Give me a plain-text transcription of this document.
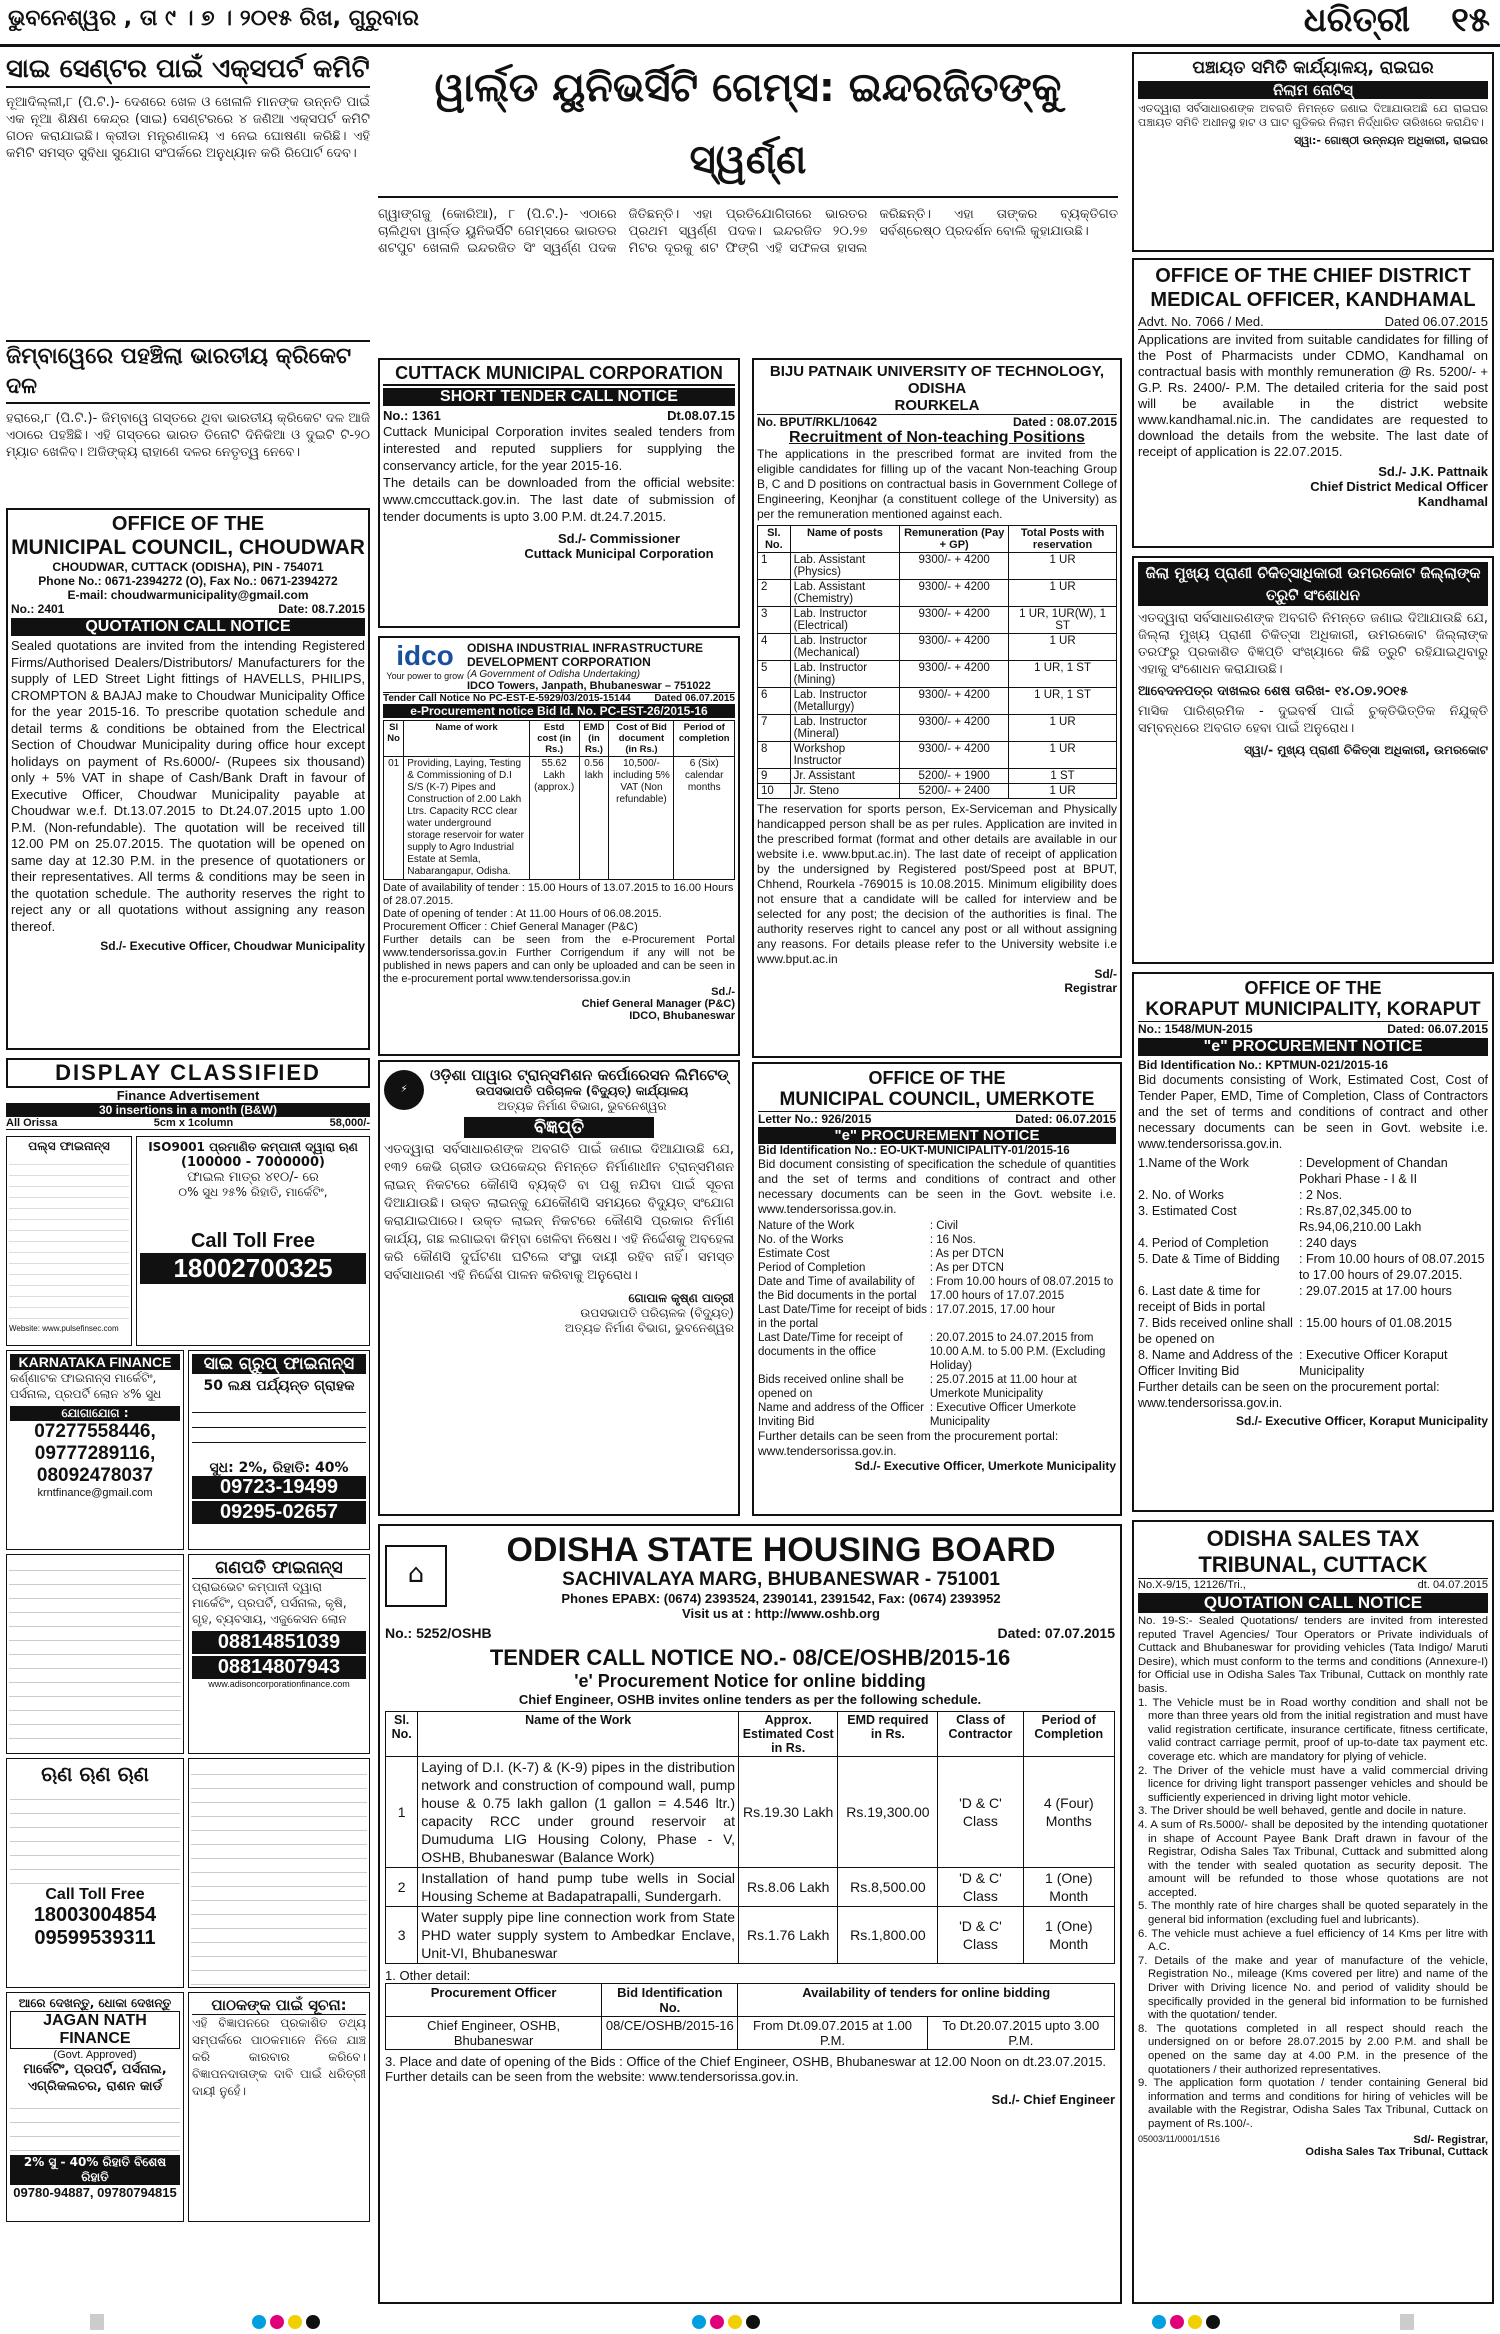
ଭୁବନେଶ୍ୱର , ତା ୯ । ୭ । ୨୦୧୫ ରିଖ, ଗୁରୁବାର	ଧରିତ୍ରୀ ୧୫
ସାଇ ସେଣ୍ଟର ପାଇଁ ଏକ୍ସପର୍ଟ କମିଟି
ନୂଆଦିଲ୍ଲୀ,୮ (ପି.ଟି.)- ଦେଶରେ ଖେଳ ଓ ଖେଳାଳି ମାନଙ୍କ ଉନ୍ନତି ପାଇଁ ଏକ ନୂଆ ଶିକ୍ଷଣ କେନ୍ଦ୍ର (ସାଇ) ସେଣ୍ଟରରେ ୪ ଜଣିଆ ଏକ୍ସପର୍ଟ କମିଟି ଗଠନ କରାଯାଇଛି। କ୍ରୀଡା ମନ୍ତ୍ରଣାଳୟ ଏ ନେଇ ଘୋଷଣା କରିଛି। ଏହି କମିଟି ସମସ୍ତ ସୁବିଧା ସୁଯୋଗ ସଂପର୍କରେ ଅନୁଧ୍ୟାନ କରି ରିପୋର୍ଟ ଦେବ।
ଜିମ୍ବାୱେରେ ପହଞ୍ଚିଲା ଭାରତୀୟ କ୍ରିକେଟ ଦଳ
ହରାରେ,୮ (ପି.ଟି.)- ଜିମ୍ବାୱେ ଗସ୍ତରେ ଥିବା ଭାରତୀୟ କ୍ରିକେଟ ଦଳ ଆଜି ଏଠାରେ ପହଞ୍ଚିଛି। ଏହି ଗସ୍ତରେ ଭାରତ ତିନୋଟି ଦିନିକିଆ ଓ ଦୁଇଟି ଟି-୨୦ ମ୍ୟାଚ ଖେଳିବ। ଅଜିଙ୍କ୍ୟ ରାହାଣେ ଦଳର ନେତୃତ୍ୱ ନେବେ।
ୱାର୍ଲ୍ଡ ୟୁନିଭର୍ସିଟି ଗେମ୍ସ: ଇନ୍ଦରଜିତଙ୍କୁ ସ୍ୱର୍ଣ୍ଣ
ଗ୍ୱାଙ୍ଗଜୁ (କୋରିଆ), ୮ (ପି.ଟି.)- ଏଠାରେ ଚାଲିଥିବା ୱାର୍ଲ୍ଡ ୟୁନିଭର୍ସିଟି ଗେମ୍ସରେ ଭାରତର ଶଟପୁଟ ଖେଳାଳି ଇନ୍ଦରଜିତ ସିଂ ସ୍ୱର୍ଣ୍ଣ ପଦକ ଜିତିଛନ୍ତି। ଏହା ପ୍ରତିଯୋଗିତାରେ ଭାରତର ପ୍ରଥମ ସ୍ୱର୍ଣ୍ଣ ପଦକ। ଇନ୍ଦରଜିତ ୨୦.୨୭ ମିଟର ଦୂରକୁ ଶଟ ଫିଙ୍ଗି ଏହି ସଫଳତା ହାସଲ କରିଛନ୍ତି। ଏହା ତାଙ୍କର ବ୍ୟକ୍ତିଗତ ସର୍ବଶ୍ରେଷ୍ଠ ପ୍ରଦର୍ଶନ ବୋଲି କୁହାଯାଉଛି।
ପଞ୍ଚାୟତ ସମିତି କାର୍ଯ୍ୟାଳୟ, ରାଇଘର
ନିଲାମ ନୋଟିସ୍
ଏତଦ୍ୱାରା ସର୍ବସାଧାରଣଙ୍କ ଅବଗତି ନିମନ୍ତେ ଜଣାଇ ଦିଆଯାଉଅଛି ଯେ ରାଇଘର ପଞ୍ଚାୟତ ସମିତି ଅଧୀନସ୍ଥ ହାଟ ଓ ଘାଟ ଗୁଡିକର ନିଲାମ ନିର୍ଦ୍ଧାରିତ ତାରିଖରେ କରାଯିବ।
ସ୍ୱା:- ଗୋଷ୍ଠୀ ଉନ୍ନୟନ ଅଧିକାରୀ, ରାଇଘର
OFFICE OF THE CHIEF DISTRICT MEDICAL OFFICER, KANDHAMAL
Advt. No. 7066 / Med.	Dated 06.07.2015
Applications are invited from suitable candidates for filling of the Post of Pharmacists under CDMO, Kandhamal on contractual basis with monthly remuneration @ Rs. 5200/- + G.P. Rs. 2400/- P.M. The detailed criteria for the said post will be available in the district website www.kandhamal.nic.in. The candidates are requested to download the details from the website. The last date of receipt of application is 22.07.2015.
Sd./- J.K. Pattnaik
Chief District Medical Officer
Kandhamal
OFFICE OF THE
MUNICIPAL COUNCIL, CHOUDWAR
CHOUDWAR, CUTTACK (ODISHA), PIN - 754071
Phone No.: 0671-2394272 (O), Fax No.: 0671-2394272
E-mail: choudwarmunicipality@gmail.com
No.: 2401	Date: 08.7.2015
QUOTATION CALL NOTICE
Sealed quotations are invited from the intending Registered Firms/Authorised Dealers/Distributors/ Manufacturers for the supply of LED Street Light fittings of HAVELLS, PHILIPS, CROMPTON & BAJAJ make to Choudwar Municipality Office for the year 2015-16. To prescribe quotation schedule and detail terms & conditions be obtained from the Electrical Section of Choudwar Municipality during office hour except holidays on payment of Rs.6000/- (Rupees six thousand) only + 5% VAT in shape of Cash/Bank Draft in favour of Executive Officer, Choudwar Municipality payable at Choudwar w.e.f. Dt.13.07.2015 to Dt.24.07.2015 upto 1.00 P.M. (Non-refundable). The quotation will be received till 12.00 PM on 25.07.2015. The quotation will be opened on same day at 12.30 P.M. in the presence of quotationers or their representatives. All terms & conditions may be seen in the quotation schedule. The authority reserves the right to reject any or all quotations without assigning any reason thereof.
Sd./- Executive Officer, Choudwar Municipality
CUTTACK MUNICIPAL CORPORATION
SHORT TENDER CALL NOTICE
No.: 1361	Dt.08.07.15
Cuttack Municipal Corporation invites sealed tenders from interested and reputed suppliers for supplying the conservancy article, for the year 2015-16.
The details can be downloaded from the official website: www.cmccuttack.gov.in. The last date of submission of tender documents is upto 3.00 P.M. dt.24.7.2015.
Sd./- Commissioner
Cuttack Municipal Corporation
BIJU PATNAIK UNIVERSITY OF TECHNOLOGY, ODISHA
ROURKELA
No. BPUT/RKL/10642	Dated : 08.07.2015
Recruitment of Non-teaching Positions
The applications in the prescribed format are invited from the eligible candidates for filling up of the vacant Non-teaching Group B, C and D positions on contractual basis in Government College of Engineering, Keonjhar (a constituent college of the University) as per the remuneration mentioned against each.
Sl. No.	Name of posts	Remuneration (Pay + GP)	Total Posts with reservation
1	Lab. Assistant (Physics)	9300/- + 4200	1 UR
2	Lab. Assistant (Chemistry)	9300/- + 4200	1 UR
3	Lab. Instructor (Electrical)	9300/- + 4200	1 UR, 1UR(W), 1 ST
4	Lab. Instructor (Mechanical)	9300/- + 4200	1 UR
5	Lab. Instructor (Mining)	9300/- + 4200	1 UR, 1 ST
6	Lab. Instructor (Metallurgy)	9300/- + 4200	1 UR, 1 ST
7	Lab. Instructor (Mineral)	9300/- + 4200	1 UR
8	Workshop Instructor	9300/- + 4200	1 UR
9	Jr. Assistant	5200/- + 1900	1 ST
10	Jr. Steno	5200/- + 2400	1 UR
The reservation for sports person, Ex-Serviceman and Physically handicapped person shall be as per rules. Application are invited in the prescribed format (format and other details are available in our website i.e. www.bput.ac.in). The last date of receipt of application by the undersigned by Registered post/Speed post at BPUT, Chhend, Rourkela -769015 is 10.08.2015. Minimum eligibility does not ensure that a candidate will be called for interview and be selected for any post; the decision of the authorities is final. The authority reserves right to cancel any post or all without assigning any reasons. For details please refer to the University website i.e www.bput.ac.in
Sd/-
Registrar
idco
Your power to grow
ODISHA INDUSTRIAL INFRASTRUCTURE DEVELOPMENT CORPORATION
(A Government of Odisha Undertaking)
IDCO Towers, Janpath, Bhubaneswar – 751022
Tender Call Notice No PC-EST-E-5929/03/2015-15144 Dated 06.07.2015
e-Procurement notice Bid Id. No. PC-EST-26/2015-16
Sl No	Name of work	Estd cost (in Rs.)	EMD (in Rs.)	Cost of Bid document (in Rs.)	Period of completion
01	Providing, Laying, Testing & Commissioning of D.I S/S (K-7) Pipes and Construction of 2.00 Lakh Ltrs. Capacity RCC clear water underground storage reservoir for water supply to Agro Industrial Estate at Semla, Nabarangapur, Odisha.	55.62 Lakh (approx.)	0.56 lakh	10,500/- including 5% VAT (Non refundable)	6 (Six) calendar months
Date of availability of tender : 15.00 Hours of 13.07.2015 to 16.00 Hours of 28.07.2015.
Date of opening of tender : At 11.00 Hours of 06.08.2015.
Procurement Officer : Chief General Manager (P&C)
Further details can be seen from the e-Procurement Portal www.tendersorissa.gov.in Further Corrigendum if any will not be published in news papers and can only be uploaded and can be seen in the e-procurement portal www.tendersorissa.gov.in
Sd./-
Chief General Manager (P&C)
IDCO, Bhubaneswar
ଜିଲା ମୁଖ୍ୟ ପ୍ରାଣୀ ଚିକିତ୍ସାଧିକାରୀ ଉମରକୋଟ ଜିଲ୍ଲାଙ୍କ ତ୍ରୁଟି ସଂଶୋଧନ
ଏତଦ୍ୱାରା ସର୍ବସାଧାରଣଙ୍କ ଅବଗତି ନିମନ୍ତେ ଜଣାଇ ଦିଆଯାଉଛି ଯେ, ଜିଲ୍ଲା ମୁଖ୍ୟ ପ୍ରାଣୀ ଚିକିତ୍ସା ଅଧିକାରୀ, ଉମରକୋଟ ଜିଲ୍ଲାଙ୍କ ତରଫରୁ ପ୍ରକାଶିତ ବିଜ୍ଞପ୍ତି ସଂଖ୍ୟାରେ କିଛି ତ୍ରୁଟି ରହିଯାଇଥିବାରୁ ଏହାକୁ ସଂଶୋଧନ କରାଯାଉଛି।
ଆବେଦନପତ୍ର ଦାଖଲର ଶେଷ ତାରିଖ- ୧୪.୦୭.୨୦୧୫
ମାସିକ ପାରିଶ୍ରମିକ - ଦୁଇବର୍ଷ ପାଇଁ ଚୁକ୍ତିଭିତ୍ତିକ ନିଯୁକ୍ତି ସମ୍ବନ୍ଧରେ ଅବଗତ ହେବା ପାଇଁ ଅନୁରୋଧ।
ସ୍ୱା/- ମୁଖ୍ୟ ପ୍ରାଣୀ ଚିକିତ୍ସା ଅଧିକାରୀ, ଉମରକୋଟ
OFFICE OF THE
KORAPUT MUNICIPALITY, KORAPUT
No.: 1548/MUN-2015	Dated: 06.07.2015
"e" PROCUREMENT NOTICE
Bid Identification No.: KPTMUN-021/2015-16
Bid documents consisting of Work, Estimated Cost, Cost of Tender Paper, EMD, Time of Completion, Class of Contractors and the set of terms and conditions of contract and other necessary documents can be seen in Govt. website i.e. www.tendersorissa.gov.in.
1.Name of the Work	: Development of Chandan Pokhari Phase - I & II
2. No. of Works	: 2 Nos.
3. Estimated Cost	: Rs.87,02,345.00 to Rs.94,06,210.00 Lakh
4. Period of Completion	: 240 days
5. Date & Time of Bidding	: From 10.00 hours of 08.07.2015 to 17.00 hours of 29.07.2015.
6. Last date & time for receipt of Bids in portal
: 29.07.2015 at 17.00 hours
7. Bids received online shall be opened on
: 15.00 hours of 01.08.2015
8. Name and Address of the Officer Inviting Bid
: Executive Officer Koraput Municipality
Further details can be seen on the procurement portal: www.tendersorissa.gov.in.
Sd./- Executive Officer, Koraput Municipality
DISPLAY CLASSIFIED
Finance Advertisement
30 insertions in a month (B&W)
All Orissa	5cm x 1column	58,000/-
ପଲ୍ସ ଫାଇନାନ୍ସ
Website: www.pulsefinsec.com
ISO9001 ପ୍ରମାଣିତ କମ୍ପାନୀ ଦ୍ୱାରା ଋଣ
(100000 - 7000000)
ଫାଇଲ ମାତ୍ର ୪୧୦/- ରେ
୦% ସୁଧ ୨୫% ରିହାତି, ମାର୍କେଟିଂ,
Call Toll Free
18002700325
KARNATAKA FINANCE
କର୍ଣ୍ଣାଟକ ଫାଇନାନ୍ସ ମାର୍କେଟିଂ, ପର୍ସନାଲ, ପ୍ରପର୍ଟି ଲୋନ ୪% ସୁଧ
ଯୋଗାଯୋଗ :
07277558446,
09777289116,
08092478037
krntfinance@gmail.com
ସାଇ ଗ୍ରୁପ୍ ଫାଇନାନ୍ସ
50 ଲକ୍ଷ ପର୍ଯ୍ୟନ୍ତ ଗ୍ରାହକ
ସୁଧ: 2%, ରିହାତି: 40%
09723-19499
09295-02657
ଗଣପତି ଫାଇନାନ୍ସ
ପ୍ରାଇଭେଟ କମ୍ପାନୀ ଦ୍ୱାରା ମାର୍କେଟିଂ, ପ୍ରପର୍ଟି, ପର୍ସନାଲ, କୃଷି, ଗୃହ, ବ୍ୟବସାୟ, ଏଜୁକେସନ ଲୋନ
08814851039
08814807943
www.adisoncorporationfinance.com
ଋଣ ଋଣ ଋଣ
Call Toll Free
18003004854
09599539311
ଆରେ ଦେଖନ୍ତୁ, ଧୋକା ଦେଖନ୍ତୁ
JAGAN NATH FINANCE
(Govt. Approved)
ମାର୍କେଟିଂ, ପ୍ରପର୍ଟି, ପର୍ସନାଲ, ଏଗ୍ରିକଲଚର, ରାଶନ କାର୍ଡ
2% ସୁ - 40% ରିହାତି ବିଶେଷ ରିହାତି
09780-94887, 09780794815
ପାଠକଙ୍କ ପାଇଁ ସୂଚନା:
ଏହି ବିଜ୍ଞାପନରେ ପ୍ରକାଶିତ ତଥ୍ୟ ସମ୍ପର୍କରେ ପାଠକମାନେ ନିଜେ ଯାଞ୍ଚ କରି କାରବାର କରିବେ। ବିଜ୍ଞାପନଦାତାଙ୍କ ଦାବି ପାଇଁ ଧରିତ୍ରୀ ଦାୟୀ ନୁହେଁ।
⚡
ଓଡ଼ିଶା ପାୱାର ଟ୍ରାନ୍ସମିଶନ କର୍ପୋରେସନ ଲିମିଟେଡ୍
ଉପସଭାପତି ପରିଚାଳକ (ବିଦ୍ୟୁତ୍) କାର୍ଯ୍ୟାଳୟ
ଅତ୍ୟଚ୍ଚ ନିର୍ମାଣ ବିଭାଗ, ଭୁବନେଶ୍ୱର
ବିଜ୍ଞପ୍ତି
ଏତଦ୍ୱାରା ସର୍ବସାଧାରଣଙ୍କ ଅବଗତି ପାଇଁ ଜଣାଇ ଦିଆଯାଉଛି ଯେ, ୧୩୨ କେଭି ଗ୍ରୀଡ ଉପକେନ୍ଦ୍ର ନିମନ୍ତେ ନିର୍ମାଣାଧୀନ ଟ୍ରାନ୍ସମିଶନ ଲାଇନ୍ ନିକଟରେ କୌଣସି ବ୍ୟକ୍ତି ବା ପଶୁ ନଯିବା ପାଇଁ ସୂଚନା ଦିଆଯାଉଛି। ଉକ୍ତ ଲାଇନ୍‌କୁ ଯେକୌଣସି ସମୟରେ ବିଦ୍ୟୁତ୍ ସଂଯୋଗ କରାଯାଇପାରେ। ଉକ୍ତ ଲାଇନ୍ ନିକଟରେ କୌଣସି ପ୍ରକାର ନିର୍ମାଣ କାର୍ଯ୍ୟ, ଗଛ ଲଗାଇବା କିମ୍ବା ଖେଳିବା ନିଷେଧ। ଏହି ନିର୍ଦ୍ଦେଶକୁ ଅବହେଳା କରି କୌଣସି ଦୁର୍ଘଟଣା ଘଟିଲେ ସଂସ୍ଥା ଦାୟୀ ରହିବ ନାହିଁ। ସମସ୍ତ ସର୍ବସାଧାରଣ ଏହି ନିର୍ଦ୍ଦେଶ ପାଳନ କରିବାକୁ ଅନୁରୋଧ।
ଗୋପାଳ କୃଷ୍ଣ ପାତ୍ରୀ
ଉପସଭାପତି ପରିଚାଳକ (ବିଦ୍ୟୁତ୍)
ଅତ୍ୟଚ୍ଚ ନିର୍ମାଣ ବିଭାଗ, ଭୁବନେଶ୍ୱର
OFFICE OF THE
MUNICIPAL COUNCIL, UMERKOTE
Letter No.: 926/2015	Dated: 06.07.2015
"e" PROCUREMENT NOTICE
Bid Identification No.: EO-UKT-MUNICIPALITY-01/2015-16
Bid document consisting of specification the schedule of quantities and the set of terms and conditions of contract and other necessary documents can be seen in the Govt. website i.e. www.tendersorissa.gov.in.
Nature of the Work	: Civil
No. of the Works	: 16 Nos.
Estimate Cost	: As per DTCN
Period of Completion	: As per DTCN
Date and Time of availability of the Bid documents in the portal
: From 10.00 hours of 08.07.2015 to 17.00 hours of 17.07.2015
Last Date/Time for receipt of bids in the portal
: 17.07.2015, 17.00 hour
Last Date/Time for receipt of documents in the office
: 20.07.2015 to 24.07.2015 from 10.00 A.M. to 5.00 P.M. (Excluding Holiday)
Bids received online shall be opened on
: 25.07.2015 at 11.00 hour at Umerkote Municipality
Name and address of the Officer Inviting Bid
: Executive Officer Umerkote Municipality
Further details can be seen from the procurement portal: www.tendersorissa.gov.in.
Sd./- Executive Officer, Umerkote Municipality
⌂
ODISHA STATE HOUSING BOARD
SACHIVALAYA MARG, BHUBANESWAR - 751001
Phones EPABX: (0674) 2393524, 2390141, 2391542, Fax: (0674) 2393952
Visit us at : http://www.oshb.org
No.: 5252/OSHB	Dated: 07.07.2015
TENDER CALL NOTICE NO.- 08/CE/OSHB/2015-16
'e' Procurement Notice for online bidding
Chief Engineer, OSHB invites online tenders as per the following schedule.
Sl. No.	Name of the Work	Approx. Estimated Cost in Rs.	EMD required in Rs.	Class of Contractor	Period of Completion
1	Laying of D.I. (K-7) & (K-9) pipes in the distribution network and construction of compound wall, pump house & 0.75 lakh gallon (1 gallon = 4.546 ltr.) capacity RCC under ground reservoir at Dumuduma LIG Housing Colony, Phase - V, OSHB, Bhubaneswar (Balance Work)	Rs.19.30 Lakh	Rs.19,300.00	'D & C' Class	4 (Four) Months
2	Installation of hand pump tube wells in Social Housing Scheme at Badapatrapalli, Sundergarh.	Rs.8.06 Lakh	Rs.8,500.00	'D & C' Class	1 (One) Month
3	Water supply pipe line connection work from State PHD water supply system to Ambedkar Enclave, Unit-VI, Bhubaneswar	Rs.1.76 Lakh	Rs.1,800.00	'D & C' Class	1 (One) Month
1. Other detail:
Procurement Officer	Bid Identification No.	Availability of tenders for online bidding	
Chief Engineer, OSHB, Bhubaneswar	08/CE/OSHB/2015-16	From Dt.09.07.2015 at 1.00 P.M.	To Dt.20.07.2015 upto 3.00 P.M.
3. Place and date of opening of the Bids : Office of the Chief Engineer, OSHB, Bhubaneswar at 12.00 Noon on dt.23.07.2015.
Further details can be seen from the website: www.tendersorissa.gov.in.
Sd./- Chief Engineer
ODISHA SALES TAX
TRIBUNAL, CUTTACK
No.X-9/15, 12126/Tri.,	dt. 04.07.2015
QUOTATION CALL NOTICE
No. 19-S:- Sealed Quotations/ tenders are invited from interested reputed Travel Agencies/ Tour Operators or Private individuals of Cuttack and Bhubaneswar for providing vehicles (Tata Indigo/ Maruti Desire), which must conform to the terms and conditions (Annexure-I) for Official use in Odisha Sales Tax Tribunal, Cuttack on monthly rate basis.
1. The Vehicle must be in Road worthy condition and shall not be more than three years old from the initial registration and must have valid registration certificate, insurance certificate, fitness certificate, valid contract carriage permit, proof of up-to-date tax payment etc. coverage etc. which are mandatory for plying of vehicle.
2. The Driver of the vehicle must have a valid commercial driving licence for driving light transport passenger vehicles and should be sufficiently experienced in driving light motor vehicle.
3. The Driver should be well behaved, gentle and docile in nature.
4. A sum of Rs.5000/- shall be deposited by the intending quotationer in shape of Account Payee Bank Draft drawn in favour of the Registrar, Odisha Sales Tax Tribunal, Cuttack and submitted along with the tender with sealed quotation as security deposit. The amount will be refunded to those whose quotations are not accepted.
5. The monthly rate of hire charges shall be quoted separately in the general bid information (excluding fuel and lubricants).
6. The vehicle must achieve a fuel efficiency of 14 Kms per litre with A.C.
7. Details of the make and year of manufacture of the vehicle, Registration No., mileage (Kms covered per litre) and name of the Driver with Driving licence No. and period of validity should be specifically provided in the general bid information to be furnished with the quotation/ tender.
8. The quotations completed in all respect should reach the undersigned on or before 28.07.2015 by 2.00 P.M. and shall be opened on the same day at 4.00 P.M. in the presence of the quotationers / their authorized representatives.
9. The application form quotation / tender containing General bid information and terms and conditions for hiring of vehicles will be available with the Registrar, Odisha Sales Tax Tribunal, Cuttack on payment of Rs.100/-.
05003/11/0001/1516	Sd/- Registrar,
Odisha Sales Tax Tribunal, Cuttack
